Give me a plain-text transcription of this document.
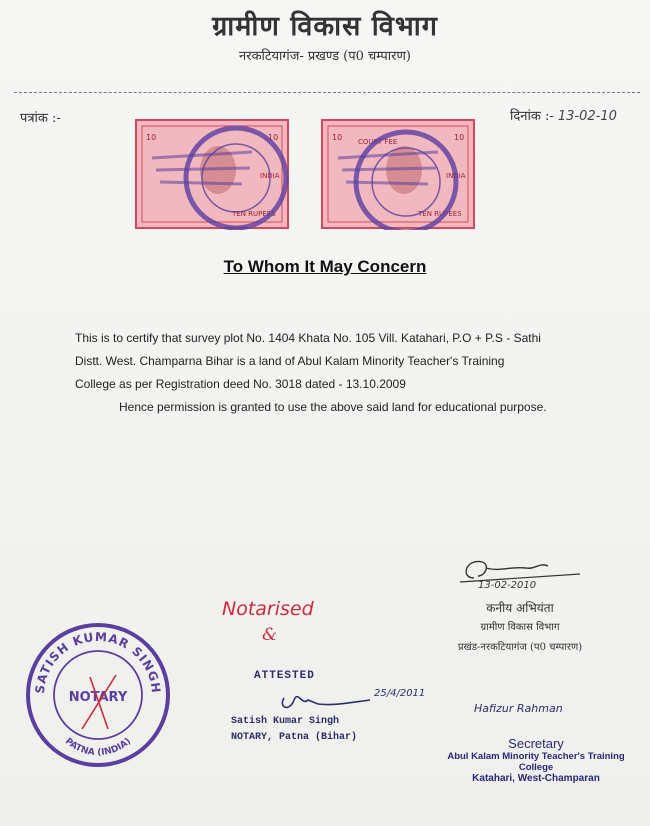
ग्रामीण विकास विभाग
नरकटियागंज- प्रखण्ड (प0 चम्पारण)
पत्रांक :-	दिनांक :- 13-02-10
10	10
INDIA
TEN RUPEES
10	10
COURT FEE
INDIA
TEN RUPEES
To Whom It May Concern

This is to certify that survey plot No. 1404 Khata No. 105 Vill. Katahari, P.O + P.S - Sathi

Distt. West. Champarna Bihar is a land of Abul Kalam Minority Teacher's Training

College as per Registration deed No. 3018 dated - 13.10.2009

Hence permission is granted to use the above said land for educational purpose.

13-02-2010
कनीय अभियंता
ग्रामीण विकास विभाग
प्रखंड-नरकटियागंज (प0 चम्पारण)
Notarised
&
ATTESTED
25/4/2011
Satish Kumar Singh
NOTARY, Patna (Bihar)
SATISH KUMAR SINGH
NOTARY
PATNA (INDIA)
Hafizur Rahman
Secretary
Abul Kalam Minority Teacher's Training College
Katahari, West-Champaran
